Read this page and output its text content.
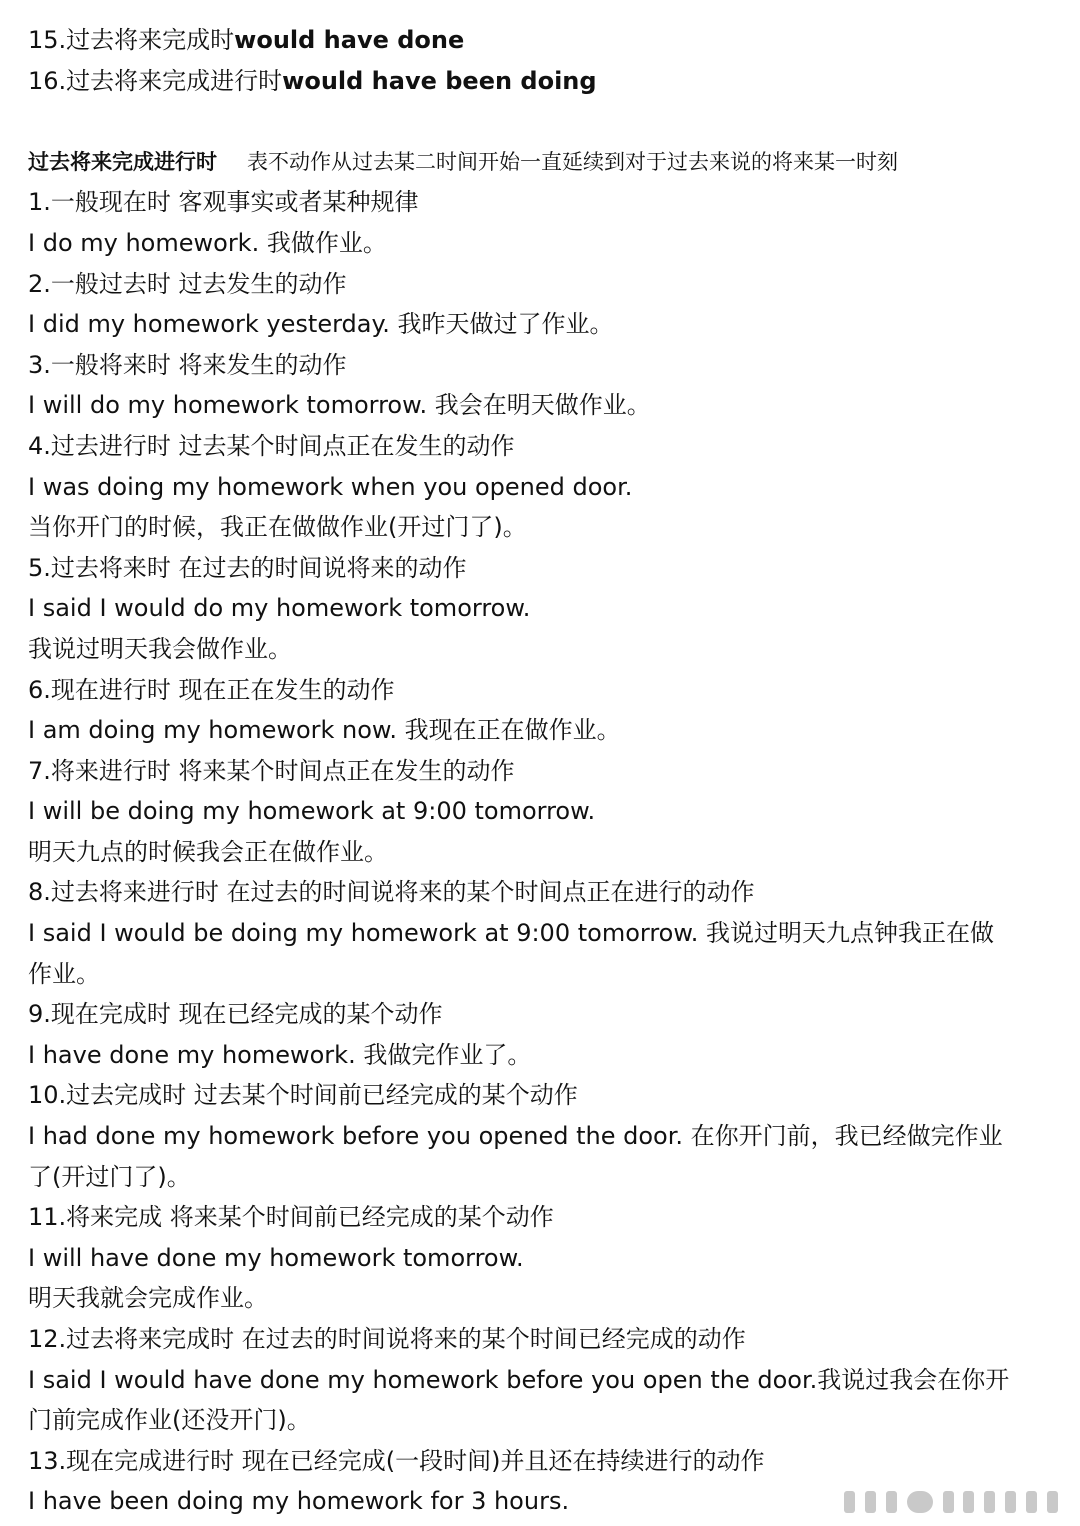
15.过去将来完成时would have done
16.过去将来完成进行时would have been doing
过去将来完成进行时 表不动作从过去某二时间开始一直延续到对于过去来说的将来某一时刻
1.一般现在时 客观事实或者某种规律
I do my homework. 我做作业。
2.一般过去时 过去发生的动作
I did my homework yesterday. 我昨天做过了作业。
3.一般将来时 将来发生的动作
I will do my homework tomorrow. 我会在明天做作业。
4.过去进行时 过去某个时间点正在发生的动作
I was doing my homework when you opened door.
当你开门的时候，我正在做做作业(开过门了)。
5.过去将来时 在过去的时间说将来的动作
I said I would do my homework tomorrow.
我说过明天我会做作业。
6.现在进行时 现在正在发生的动作
I am doing my homework now. 我现在正在做作业。
7.将来进行时 将来某个时间点正在发生的动作
I will be doing my homework at 9:00 tomorrow.
明天九点的时候我会正在做作业。
8.过去将来进行时 在过去的时间说将来的某个时间点正在进行的动作
I said I would be doing my homework at 9:00 tomorrow. 我说过明天九点钟我正在做
作业。
9.现在完成时 现在已经完成的某个动作
I have done my homework. 我做完作业了。
10.过去完成时 过去某个时间前已经完成的某个动作
I had done my homework before you opened the door. 在你开门前，我已经做完作业
了(开过门了)。
11.将来完成 将来某个时间前已经完成的某个动作
I will have done my homework tomorrow.
明天我就会完成作业。
12.过去将来完成时 在过去的时间说将来的某个时间已经完成的动作
I said I would have done my homework before you open the door.我说过我会在你开
门前完成作业(还没开门)。
13.现在完成进行时 现在已经完成(一段时间)并且还在持续进行的动作
I have been doing my homework for 3 hours.
